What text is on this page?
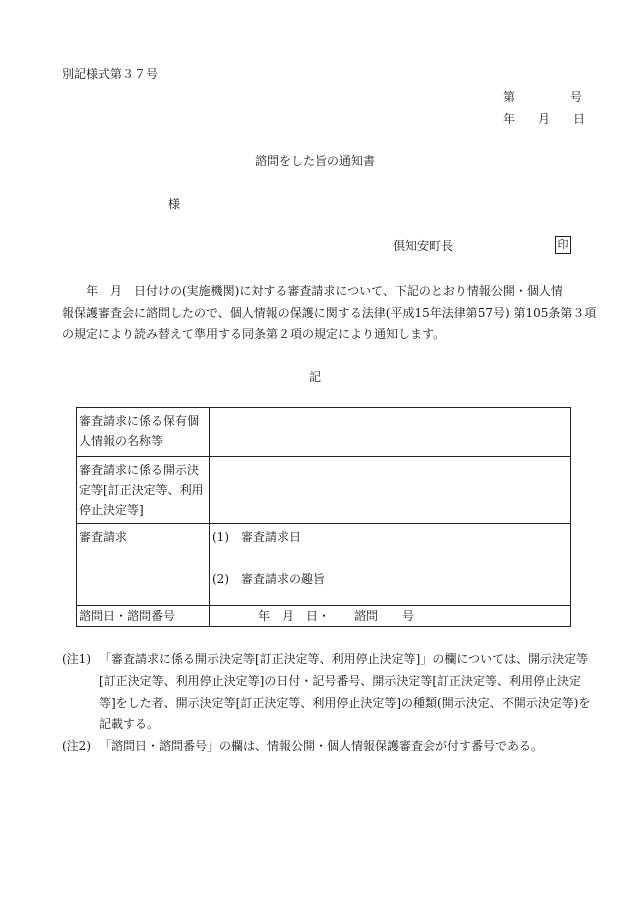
別記様式第３７号
第	号
年 月 日
諮問をした旨の通知書
様
倶知安町長	印
　　年　月　日付けの(実施機関)に対する審査請求について、下記のとおり情報公開・個人情
報保護審査会に諮問したので、個人情報の保護に関する法律(平成15年法律第57号) 第105条第３項
の規定により読み替えて準用する同条第２項の規定により通知します。
記
審査請求に係る保有個人情報の名称等	
審査請求に係る開示決定等[訂正決定等、利用停止決定等]	
審査請求	(1)　審査請求日
(2)　審査請求の趣旨

諮問日・諮問番号	年　月　日・　　諮問　　号
(注1) 「審査請求に係る開示決定等[訂正決定等、利用停止決定等]」の欄については、開示決定等
[訂正決定等、利用停止決定等]の日付・記号番号、開示決定等[訂正決定等、利用停止決定
等]をした者、開示決定等[訂正決定等、利用停止決定等]の種類(開示決定、不開示決定等)を
記載する。
(注2) 「諮問日・諮問番号」の欄は、情報公開・個人情報保護審査会が付す番号である。
